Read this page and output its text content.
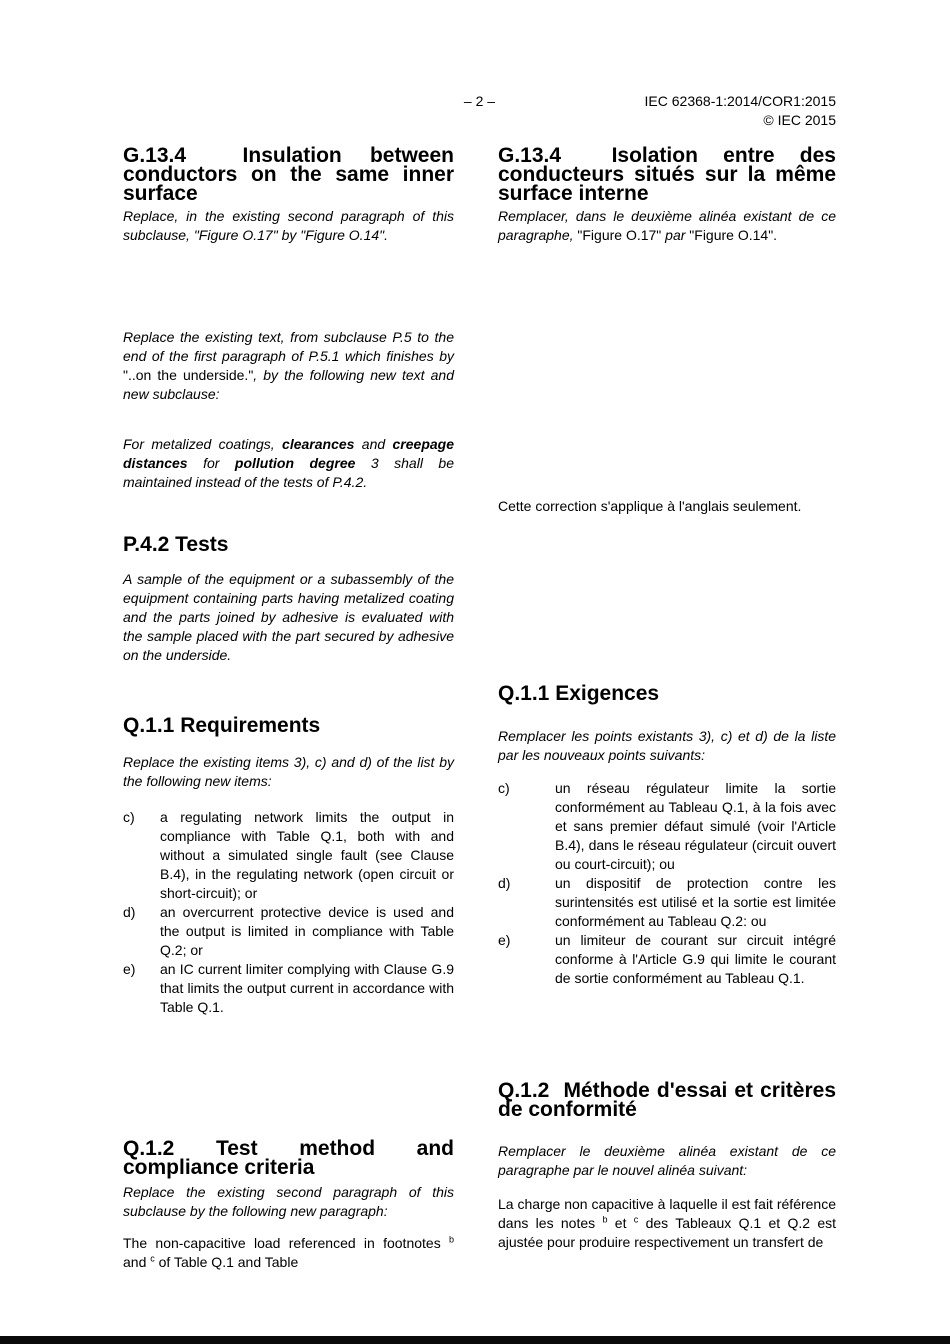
– 2 –	IEC 62368-1:2014/COR1:2015
© IEC 2015
G.13.4  Insulation between conductors on the same inner surface

Replace, in the existing second paragraph of this subclause, "Figure O.17" by "Figure O.14".

Replace the existing text, from subclause P.5 to the end of the first paragraph of P.5.1 which finishes by "..on the underside.", by the following new text and new subclause:

For metalized coatings, clearances and creepage distances for pollution degree 3 shall be maintained instead of the tests of P.4.2.

P.4.2 Tests

A sample of the equipment or a subassembly of the equipment containing parts having metalized coating and the parts joined by adhesive is evaluated with the sample placed with the part secured by adhesive on the underside.

Q.1.1 Requirements

Replace the existing items 3), c) and d) of the list by the following new items:

c) a regulating network limits the output in compliance with Table Q.1, both with and without a simulated single fault (see Clause B.4), in the regulating network (open circuit or short-circuit); or
d) an overcurrent protective device is used and the output is limited in compliance with Table Q.2; or
e) an IC current limiter complying with Clause G.9 that limits the output current in accordance with Table Q.1.
Q.1.2 Test method and compliance criteria

Replace the existing second paragraph of this subclause by the following new paragraph:

The non-capacitive load referenced in footnotes $^b$ and $^c$ of Table Q.1 and Table

G.13.4  Isolation entre des conducteurs situés sur la même surface interne

Remplacer, dans le deuxième alinéa existant de ce paragraphe, "Figure O.17" par "Figure O.14".

Cette correction s'applique à l'anglais seulement.

Q.1.1 Exigences

Remplacer les points existants 3), c) et d) de la liste par les nouveaux points suivants:

c)	un réseau régulateur limite la sortie conformément au Tableau Q.1, à la fois avec et sans premier défaut simulé (voir l'Article B.4), dans le réseau régulateur (circuit ouvert ou court-circuit); ou
d)	un dispositif de protection contre les surintensités est utilisé et la sortie est limitée conformément au Tableau Q.2: ou
e)	un limiteur de courant sur circuit intégré conforme à l'Article G.9 qui limite le courant de sortie conformément au Tableau Q.1.
Q.1.2  Méthode d'essai et critères de conformité

Remplacer le deuxième alinéa existant de ce paragraphe par le nouvel alinéa suivant:

La charge non capacitive à laquelle il est fait référence dans les notes $^b$ et $^c$ des Tableaux Q.1 et Q.2 est ajustée pour produire respectivement un transfert de
